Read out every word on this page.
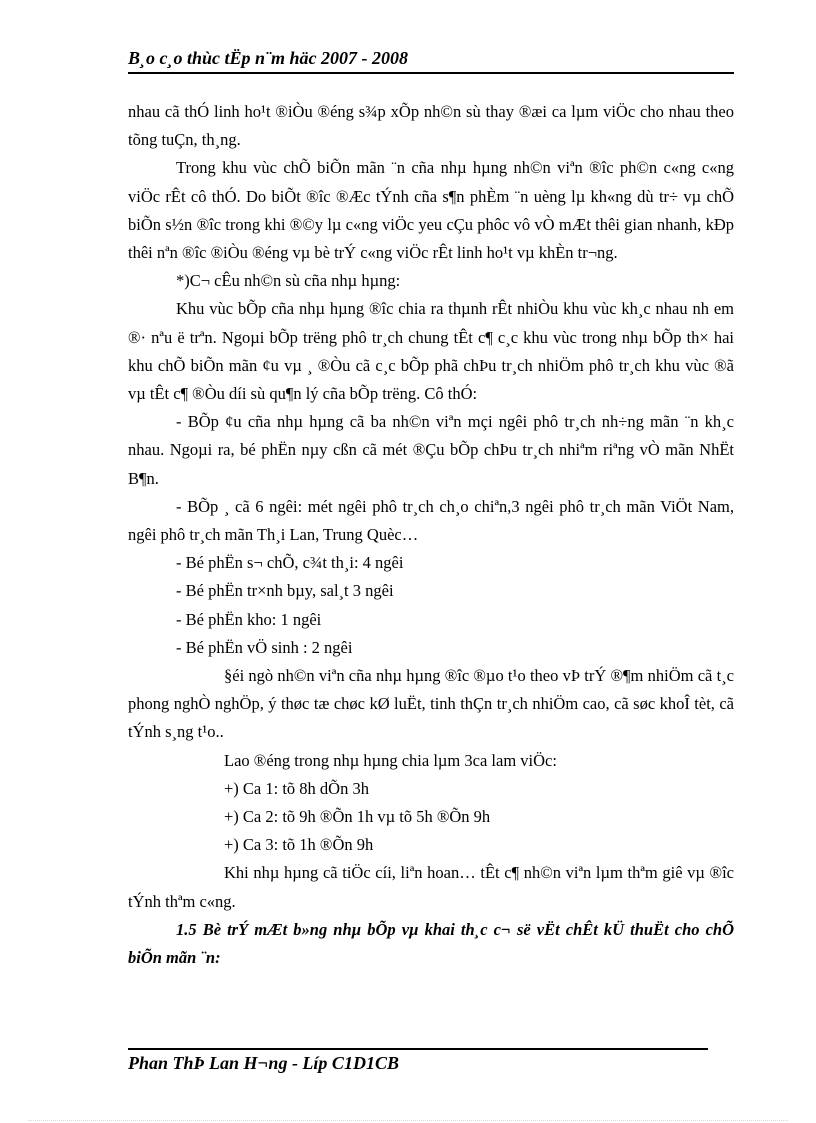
B¸o c¸o thùc tËp n¨m häc 2007 - 2008

nhau cã thÓ linh ho¹t ®iÒu ®éng s¾p xÕp nh©n sù thay ®æi ca lµm viÖc cho nhau theo tõng tuÇn, th¸ng.

Trong khu vùc chÕ biÕn mãn ¨n cña nhµ hµng nh©n viªn ®îc ph©n c«ng c«ng viÖc rÊt cô thÓ. Do biÕt ®îc ®Æc tÝnh cña s¶n phÈm ¨n uèng lµ kh«ng dù tr÷ vµ chÕ biÕn s½n ®îc trong khi ®©y lµ c«ng viÖc yeu cÇu phôc vô vÒ mÆt thêi gian nhanh, kÐp thêi nªn ®îc ®iÒu ®éng vµ bè trÝ c«ng viÖc rÊt linh ho¹t vµ khÈn tr¬ng.

*)C¬ cÊu nh©n sù cña nhµ hµng:

Khu vùc bÕp cña nhµ hµng ®îc chia ra thµnh rÊt nhiÒu khu vùc kh¸c nhau nh em ®· nªu ë trªn. Ngoµi bÕp trëng phô tr¸ch chung tÊt c¶ c¸c khu vùc trong nhµ bÕp th× hai khu chÕ biÕn mãn ¢u vµ ¸ ®Òu cã c¸c bÕp phã chÞu tr¸ch nhiÖm phô tr¸ch khu vùc ®ã vµ tÊt c¶ ®Òu díi sù qu¶n lý cña bÕp trëng. Cô thÓ:

- BÕp ¢u cña nhµ hµng cã ba nh©n viªn mçi ngêi phô tr¸ch nh÷ng mãn ¨n kh¸c nhau. Ngoµi ra, bé phËn nµy cßn cã mét ®Çu bÕp chÞu tr¸ch nhiªm riªng vÒ mãn NhËt B¶n.

- BÕp ¸ cã 6 ngêi: mét ngêi phô tr¸ch ch¸o chiªn,3 ngêi phô tr¸ch mãn ViÖt Nam, ngêi phô tr¸ch mãn Th¸i Lan, Trung Quèc…

- Bé phËn s¬ chÕ, c¾t th¸i: 4 ngêi

- Bé phËn tr×nh bµy, sal¸t 3 ngêi

- Bé phËn kho: 1 ngêi

- Bé phËn vÖ sinh : 2 ngêi

§éi ngò nh©n viªn cña nhµ hµng ®îc ®µo t¹o theo vÞ trÝ ®¶m nhiÖm cã t¸c phong nghÒ nghÖp, ý thøc tæ chøc kØ luËt, tinh thÇn tr¸ch nhiÖm cao, cã søc khoÎ tèt, cã tÝnh s¸ng t¹o..

Lao ®éng trong nhµ hµng chia lµm 3ca lam viÖc:

+) Ca 1: tõ 8h dÕn 3h

+) Ca 2: tõ 9h ®Õn 1h vµ tõ 5h ®Õn 9h

+) Ca 3: tõ 1h ®Õn 9h

Khi nhµ hµng cã tiÖc cíi, liªn hoan… tÊt c¶ nh©n viªn lµm thªm giê vµ ®îc tÝnh thªm c«ng.

1.5 Bè trÝ mÆt b»ng nhµ bÕp vµ khai th¸c c¬ së vËt chÊt kÜ thuËt cho chÕ biÕn mãn ¨n:

Phan ThÞ Lan H¬ng - Líp C1D1CB
